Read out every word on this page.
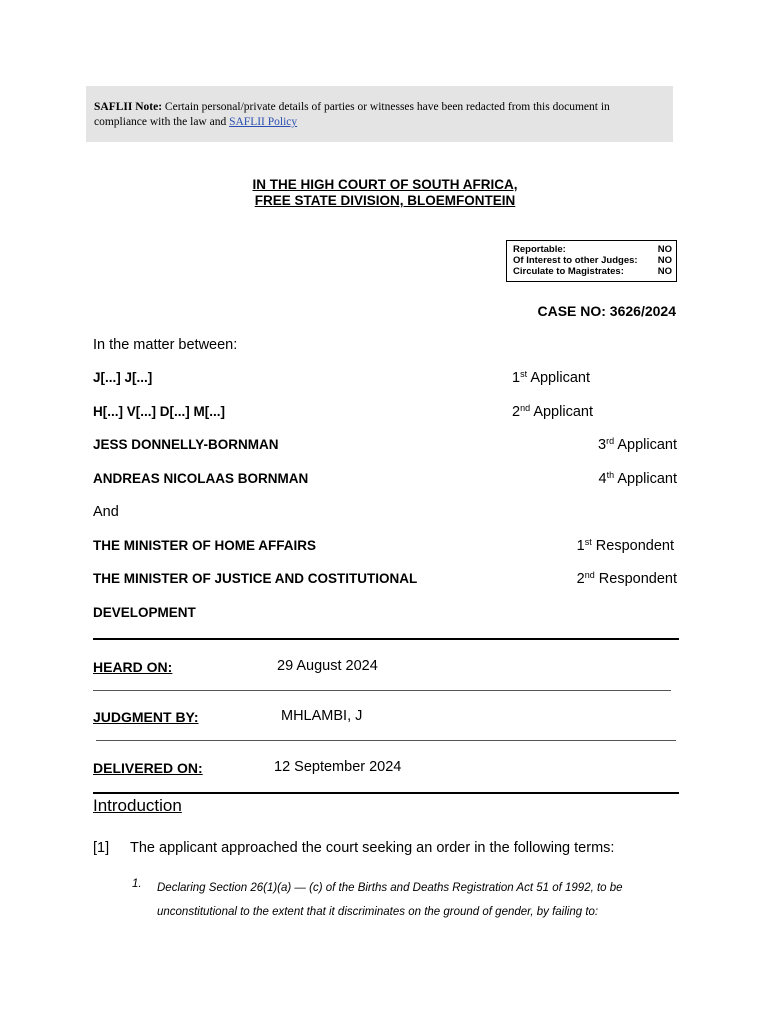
SAFLII Note: Certain personal/private details of parties or witnesses have been redacted from this document in compliance with the law and SAFLII Policy
IN THE HIGH COURT OF SOUTH AFRICA,
FREE STATE DIVISION, BLOEMFONTEIN
Reportable:	NO
Of Interest to other Judges: NO
Circulate to Magistrates:	NO
CASE NO: 3626/2024
In the matter between:
J[...] J[...]	1st Applicant
H[...] V[...] D[...] M[...]	2nd Applicant
JESS DONNELLY-BORNMAN	3rd Applicant
ANDREAS NICOLAAS BORNMAN	4th Applicant
And
THE MINISTER OF HOME AFFAIRS	1st Respondent
THE MINISTER OF JUSTICE AND COSTITUTIONAL	2nd Respondent
DEVELOPMENT
HEARD ON:	29 August 2024
JUDGMENT BY:	MHLAMBI, J
DELIVERED ON:	12 September 2024
Introduction
[1] The applicant approached the court seeking an order in the following terms:
1. Declaring Section 26(1)(a) — (c) of the Births and Deaths Registration Act 51 of 1992, to be unconstitutional to the extent that it discriminates on the ground of gender, by failing to:
